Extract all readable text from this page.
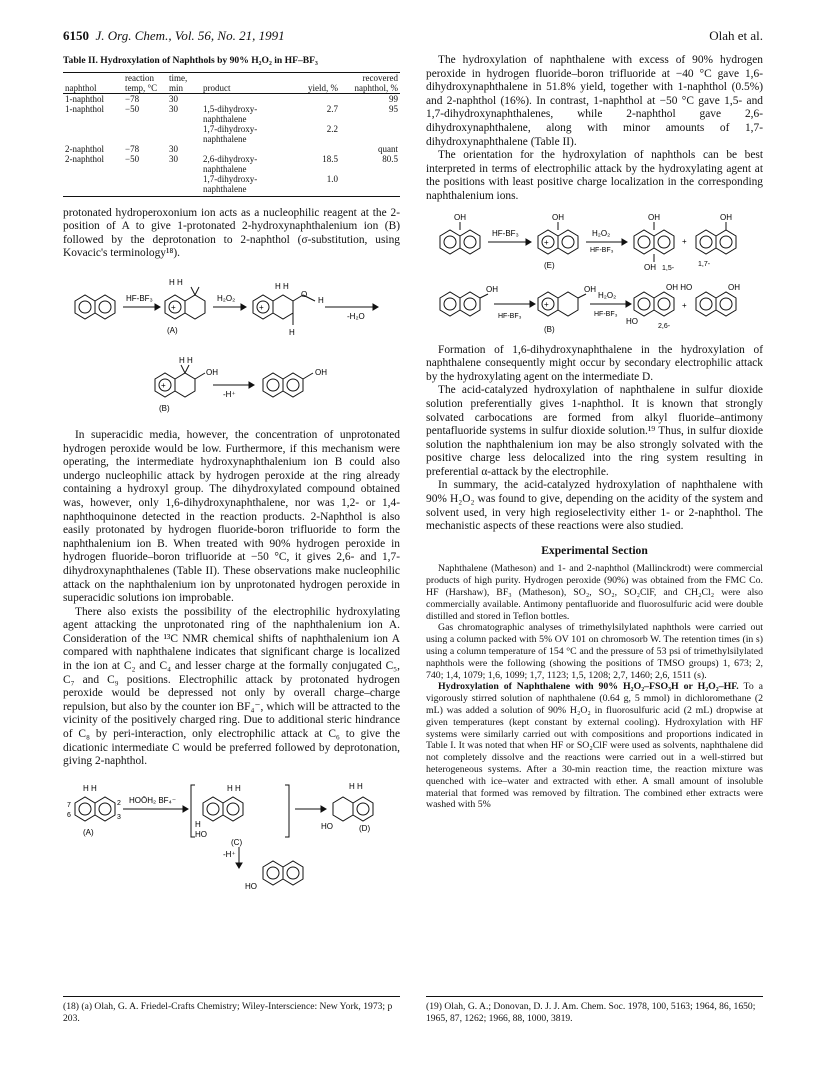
6150 J. Org. Chem., Vol. 56, No. 21, 1991	Olah et al.
Table II. Hydroxylation of Naphthols by 90% H₂O₂ in HF–BF₃
naphthol	reaction temp, °C	time, min	product	yield, %	recovered naphthol, %
1-naphthol	−78	30			99
1-naphthol	−50	30	1,5-dihydroxy-naphthalene	2.7	95
			1,7-dihydroxy-naphthalene	2.2	
2-naphthol	−78	30			quant
2-naphthol	−50	30	2,6-dihydroxy-naphthalene	18.5	80.5
			1,7-dihydroxy-naphthalene	1.0	

protonated hydroperoxonium ion acts as a nucleophilic reagent at the 2-position of A to give 1-protonated 2-hydroxynaphthalenium ion (B) followed by the deprotonation to 2-naphthol (σ-substitution, using Kovacic's terminology¹⁸).

HF-BF₃	H₂O₂
H H
+	+
H H
O
H
H
-H₂O
(A)
H H
+
OH	OH
-H⁺
(B)

In superacidic media, however, the concentration of unprotonated hydrogen peroxide would be low. Furthermore, if this mechanism were operating, the intermediate hydroxynaphthalenium ion B could also undergo nucleophilic attack by hydrogen peroxide at the ring already containing a hydroxyl group. The dihydroxylated compound obtained was, however, only 1,6-dihydroxynaphthalene, nor was 1,2- or 1,4-naphthoquinone detected in the reaction products. 2-Naphthol is also easily protonated by hydrogen fluoride-boron trifluoride to form the naphthalenium ion B. When treated with 90% hydrogen peroxide in hydrogen fluoride–boron trifluoride at −50 °C, it gives 2,6- and 1,7-dihydroxynaphthalenes (Table II). These observations make nucleophilic attack on the naphthalenium ion by unprotonated hydrogen peroxide in superacidic solutions ion improbable.

There also exists the possibility of the electrophilic hydroxylating agent attacking the unprotonated ring of the naphthalenium ion A. Consideration of the ¹³C NMR chemical shifts of naphthalenium ion A compared with naphthalene indicates that significant charge is localized in the ion at C₂ and C₄ and lesser charge at the formally conjugated C₅, C₇ and C₉ positions. Electrophilic attack by protonated hydrogen peroxide would be depressed not only by overall charge–charge repulsion, but also by the counter ion BF₄⁻, which will be attracted to the vicinity of the positively charged ring. Due to additional steric hindrance of C₈ by peri-interaction, only electrophilic attack at C₆ to give the dicationic intermediate C would be preferred followed by deprotonation, giving 2-naphthol.

HOŌH₂ BF₄⁻
H H
7
6
2
3
(A)
H
HO
H H
(C)
H H
HO	(D)
-H⁺
HO

The hydroxylation of naphthalene with excess of 90% hydrogen peroxide in hydrogen fluoride–boron trifluoride at −40 °C gave 1,6-dihydroxynaphthalene in 51.8% yield, together with 1-naphthol (0.5%) and 2-naphthol (16%). In contrast, 1-naphthol at −50 °C gave 1,5- and 1,7-dihydroxynaphthalenes, while 2-naphthol gave 2,6-dihydroxynaphthalene, along with minor amounts of 1,7-dihydroxynaphthalene (Table II).

The orientation for the hydroxylation of naphthols can be best interpreted in terms of electrophilic attack by the hydroxylating agent at the positions with least positive charge localization in the corresponding naphthalenium ions.

OH
HF-BF₃
OH
+
(E)
H₂O₂
HF-BF₃
OH
OH 1,5-
+
OH
1,7-
OH
HF-BF₃
OH
+
(B)
H₂O₂
HF-BF₃
OH HO
HO
2,6-
+
OH

Formation of 1,6-dihydroxynaphthalene in the hydroxylation of naphthalene consequently might occur by secondary electrophilic attack by the hydroxylating agent on the intermediate D.

The acid-catalyzed hydroxylation of naphthalene in sulfur dioxide solution preferentially gives 1-naphthol. It is known that strongly solvated carbocations are formed from alkyl fluoride–antimony pentafluoride systems in sulfur dioxide solution.¹⁹ Thus, in sulfur dioxide solution the naphthalenium ion may be also strongly solvated with the positive charge less delocalized into the ring system resulting in preferential α-attack by the electrophile.

In summary, the acid-catalyzed hydroxylation of naphthalene with 90% H₂O₂ was found to give, depending on the acidity of the system and solvent used, in very high regioselectivity either 1- or 2-naphthol. The mechanistic aspects of these reactions were also studied.

Experimental Section

Naphthalene (Matheson) and 1- and 2-naphthol (Mallinckrodt) were commercial products of high purity. Hydrogen peroxide (90%) was obtained from the FMC Co. HF (Harshaw), BF₃ (Matheson), SO₂, SO₂, SO₂ClF, and CH₂Cl₂ were also commercially available. Antimony pentafluoride and fluorosulfuric acid were double distilled and stored in Teflon bottles.

Gas chromatographic analyses of trimethylsilylated naphthols were carried out using a column packed with 5% OV 101 on chromosorb W. The retention times (in s) using a column temperature of 154 °C and the pressure of 53 psi of trimethylsilylated naphthols were the following (showing the positions of TMSO groups) 1, 673; 2, 740; 1,4, 1079; 1,6, 1099; 1,7, 1123; 1,5, 1208; 2,7, 1460; 2,6, 1511 (s).

Hydroxylation of Naphthalene with 90% H₂O₂–FSO₃H or H₂O₂–HF. To a vigorously stirred solution of naphthalene (0.64 g, 5 mmol) in dichloromethane (2 mL) was added a solution of 90% H₂O₂ in fluorosulfuric acid (2 mL) dropwise at given temperatures (kept constant by external cooling). Hydroxylation with HF systems were similarly carried out with compositions and proportions indicated in Table I. It was noted that when HF or SO₂ClF were used as solvents, naphthalene did not completely dissolve and the reactions were carried out in a well-stirred but heterogeneous systems. After a 30-min reaction time, the reaction mixture was quenched with ice–water and extracted with ether. A small amount of insoluble material that formed was removed by filtration. The combined ether extracts were washed with 5%

(18) (a) Olah, G. A. Friedel-Crafts Chemistry; Wiley-Interscience: New York, 1973; p 203.
(19) Olah, G. A.; Donovan, D. J. J. Am. Chem. Soc. 1978, 100, 5163; 1964, 86, 1650; 1965, 87, 1262; 1966, 88, 1000, 3819.
